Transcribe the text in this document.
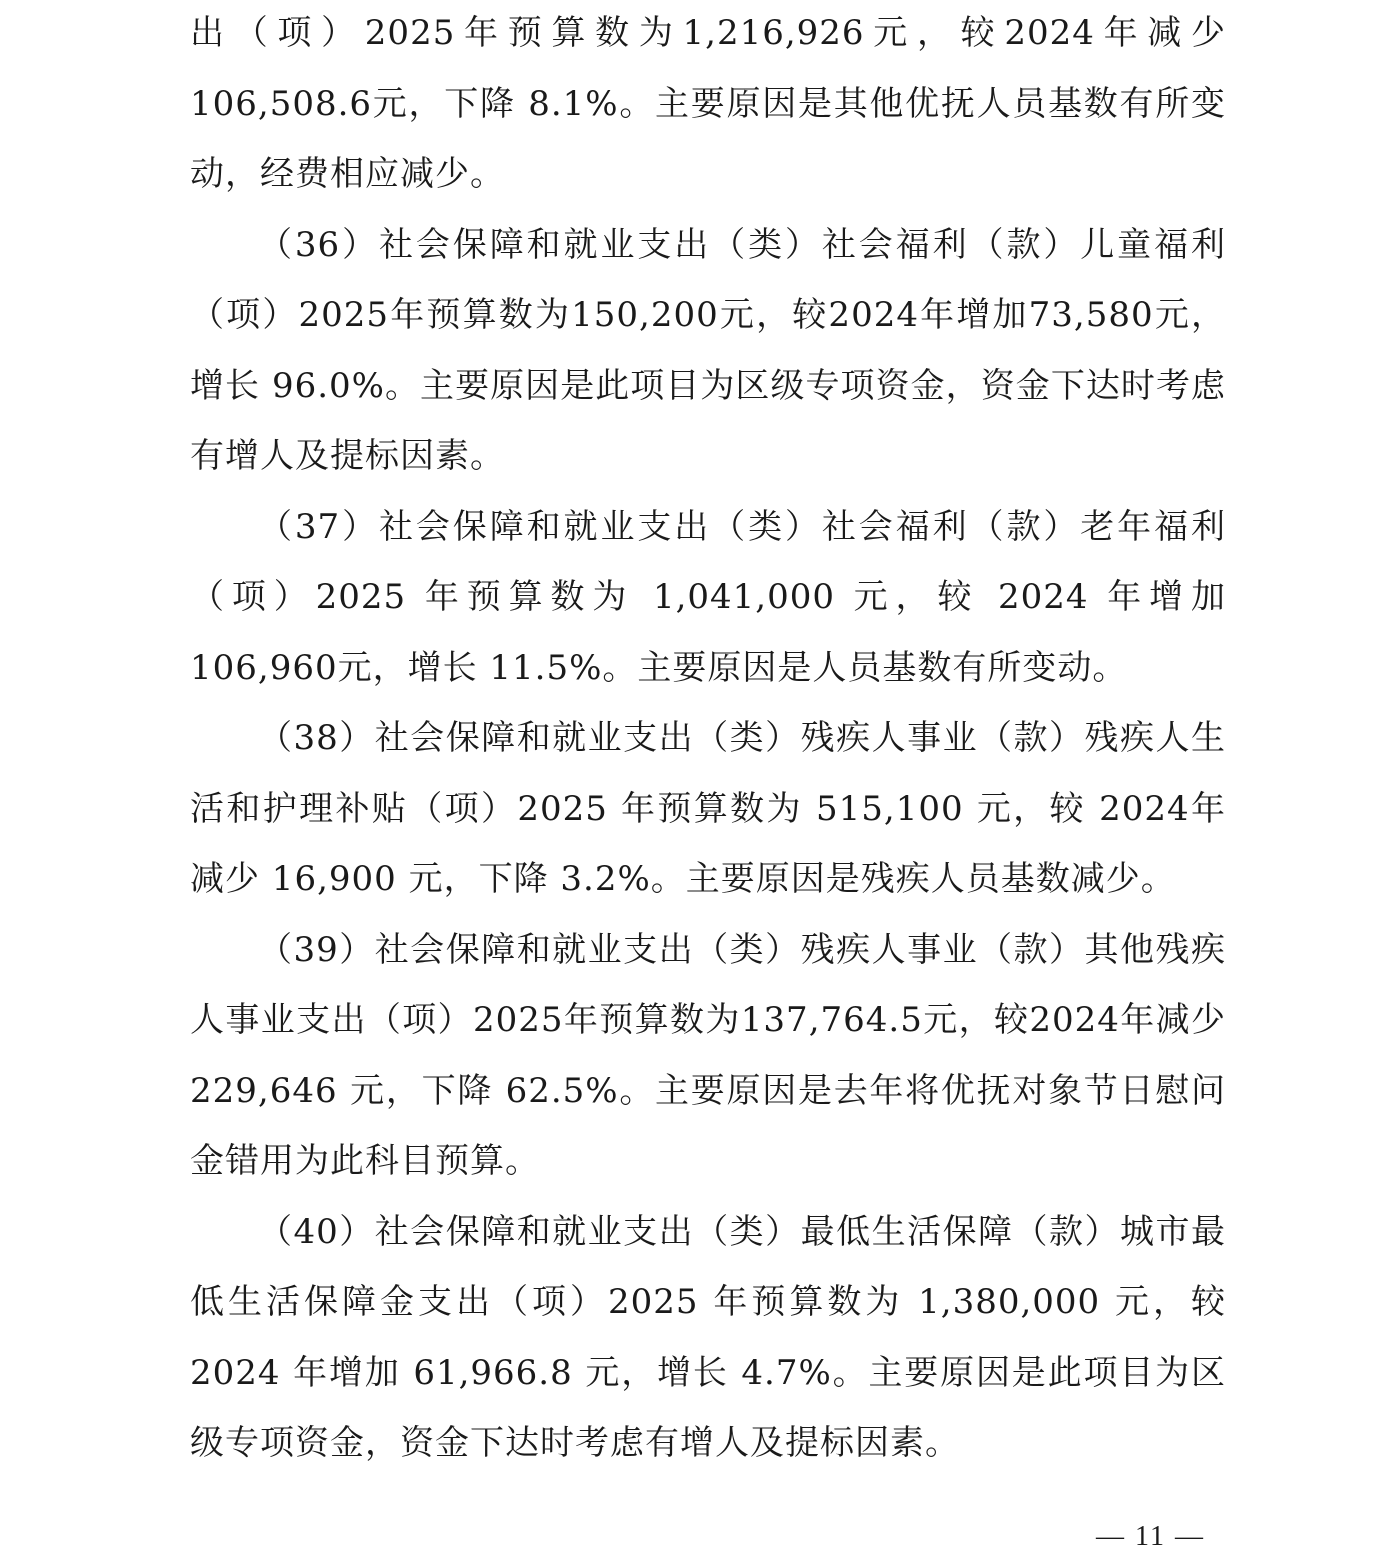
出（项）2025年预算数为1,216,926元，较2024年减少106,508.6元，下降 8.1%。主要原因是其他优抚人员基数有所变动，经费相应减少。

（36）社会保障和就业支出（类）社会福利（款）儿童福利（项）2025年预算数为150,200元，较2024年增加73,580元，增长 96.0%。主要原因是此项目为区级专项资金，资金下达时考虑有增人及提标因素。

（37）社会保障和就业支出（类）社会福利（款）老年福利（项）2025 年预算数为 1,041,000 元，较 2024 年增加 106,960元，增长 11.5%。主要原因是人员基数有所变动。

（38）社会保障和就业支出（类）残疾人事业（款）残疾人生活和护理补贴（项）2025 年预算数为 515,100 元，较 2024年减少 16,900 元，下降 3.2%。主要原因是残疾人员基数减少。

（39）社会保障和就业支出（类）残疾人事业（款）其他残疾人事业支出（项）2025年预算数为137,764.5元，较2024年减少 229,646 元，下降 62.5%。主要原因是去年将优抚对象节日慰问金错用为此科目预算。

（40）社会保障和就业支出（类）最低生活保障（款）城市最低生活保障金支出（项）2025 年预算数为 1,380,000 元，较2024 年增加 61,966.8 元，增长 4.7%。主要原因是此项目为区级专项资金，资金下达时考虑有增人及提标因素。

— 11 —
